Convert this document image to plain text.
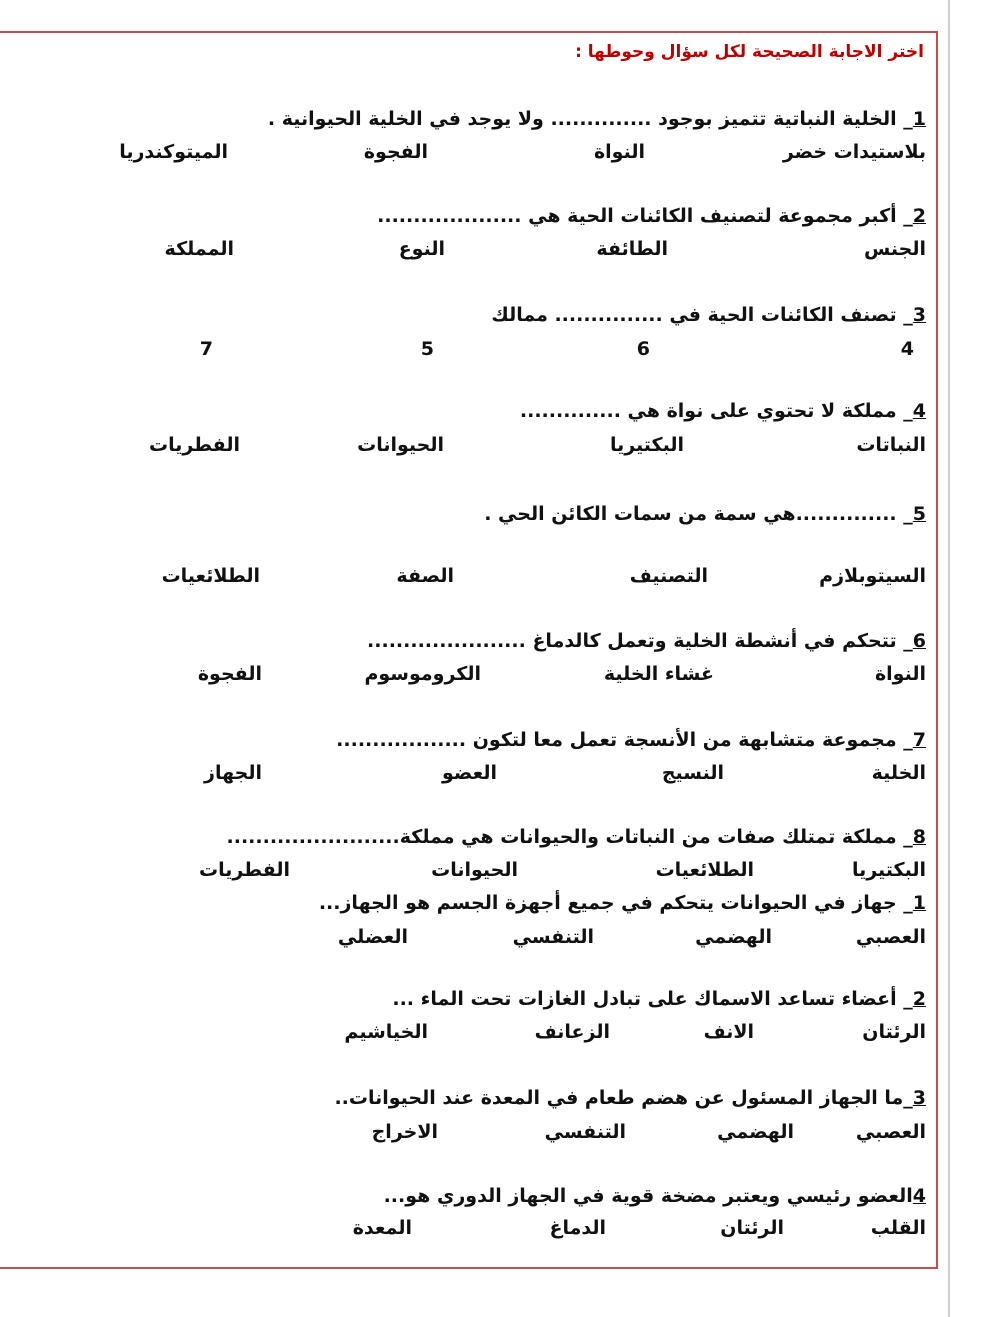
اختر الاجابة الصحيحة لكل سؤال وحوطها :
1_ الخلية النباتية تتميز بوجود .............. ولا يوجد في الخلية الحيوانية .
بلاستيدات خضر
النواة
الفجوة
الميتوكندريا
2_ أكبر مجموعة لتصنيف الكائنات الحية هي ....................
الجنس
الطائفة
النوع
المملكة
3_ تصنف الكائنات الحية في ............... ممالك
4
6
5
7
4_ مملكة لا تحتوي على نواة هي ..............
النباتات
البكتيريا
الحيوانات
الفطريات
5_ ..............هي سمة من سمات الكائن الحي .
السيتوبلازم
التصنيف
الصفة
الطلائعيات
6_ تتحكم في أنشطة الخلية وتعمل كالدماغ ......................
النواة
غشاء الخلية
الكروموسوم
الفجوة
7_ مجموعة متشابهة من الأنسجة تعمل معا لتكون ..................
الخلية
النسيج
العضو
الجهاز
8_ مملكة تمتلك صفات من النباتات والحيوانات هي مملكة........................
البكتيريا
الطلائعيات
الحيوانات
الفطريات
1_ جهاز في الحيوانات يتحكم في جميع أجهزة الجسم هو الجهاز...
العصبي
الهضمي
التنفسي
العضلي
2_ أعضاء تساعد الاسماك على تبادل الغازات تحت الماء ...
الرئتان
الانف
الزعانف
الخياشيم
3_ما الجهاز المسئول عن هضم طعام في المعدة عند الحيوانات..
العصبي
الهضمي
التنفسي
الاخراج
4العضو رئيسي ويعتبر مضخة قوية في الجهاز الدوري هو...
القلب
الرئتان
الدماغ
المعدة
